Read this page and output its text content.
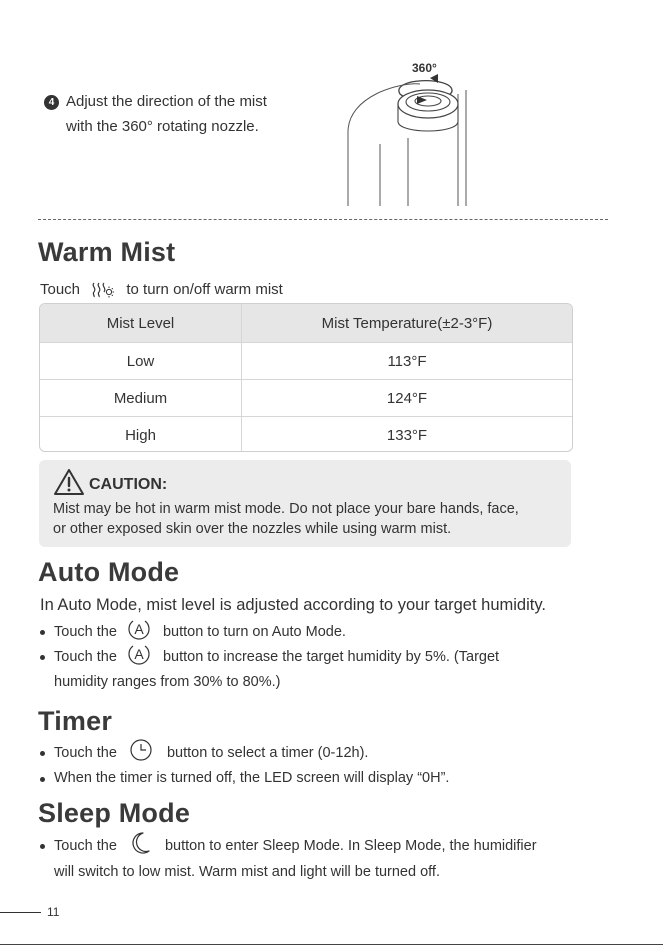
4 Adjust the direction of the mist with the 360° rotating nozzle.
360°
Warm Mist
Touch	to turn on/off warm mist
Mist Level	Mist Temperature(±2-3°F)
Low	113°F
Medium	124°F
High	133°F
CAUTION:
Mist may be hot in warm mist mode. Do not place your bare hands, face,
or other exposed skin over the nozzles while using warm mist.
Auto Mode
In Auto Mode, mist level is adjusted according to your target humidity.
Touch the A button to turn on Auto Mode.
Touch the A button to increase the target humidity by 5%. (Target
humidity ranges from 30% to 80%.)
Timer
Touch the	button to select a timer (0-12h).
When the timer is turned off, the LED screen will display “0H”.
Sleep Mode
Touch the	button to enter Sleep Mode. In Sleep Mode, the humidifier
will switch to low mist. Warm mist and light will be turned off.
11
